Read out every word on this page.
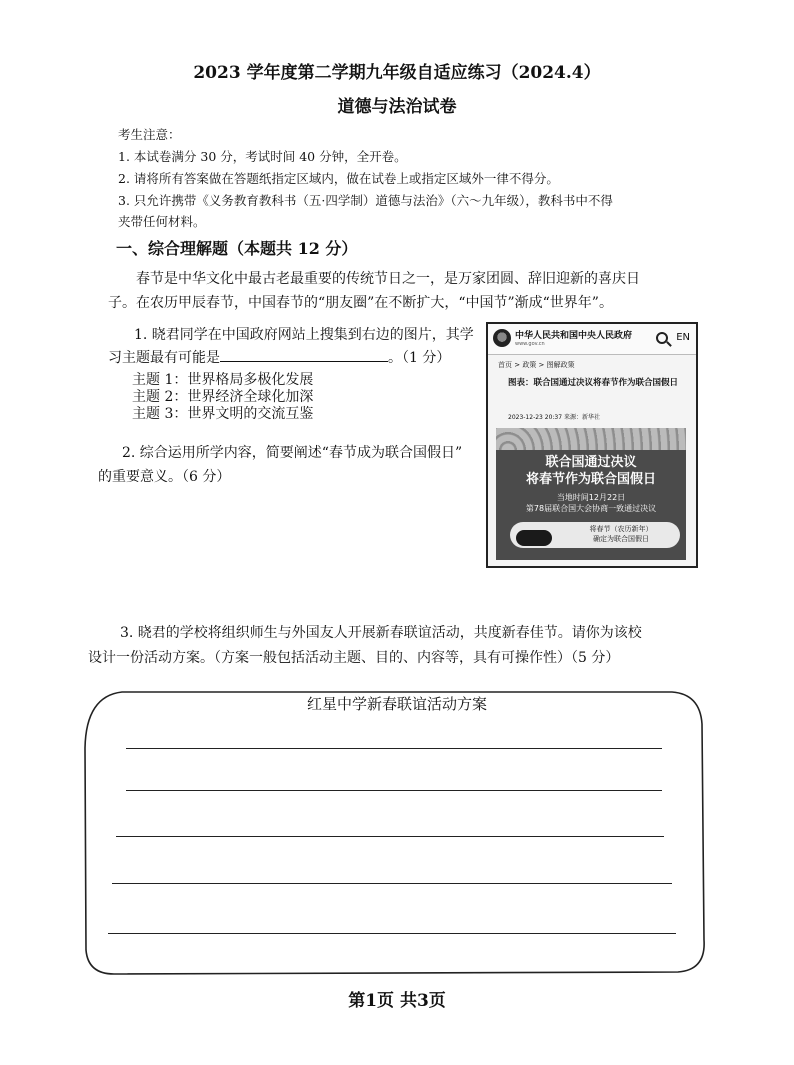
2023 学年度第二学期九年级自适应练习（2024.4）
道德与法治试卷
考生注意：
1. 本试卷满分 30 分，考试时间 40 分钟，全开卷。
2. 请将所有答案做在答题纸指定区域内，做在试卷上或指定区域外一律不得分。
3. 只允许携带《义务教育教科书（五·四学制）道德与法治》（六～九年级），教科书中不得
夹带任何材料。
一、综合理解题（本题共 12 分）
春节是中华文化中最古老最重要的传统节日之一，是万家团圆、辞旧迎新的喜庆日
子。在农历甲辰春节，中国春节的“朋友圈”在不断扩大，“中国节”渐成“世界年”。
1. 晓君同学在中国政府网站上搜集到右边的图片，其学
习主题最有可能是	。（1 分）
主题 1：世界格局多极化发展
主题 2：世界经济全球化加深
主题 3：世界文明的交流互鉴
2. 综合运用所学内容，简要阐述“春节成为联合国假日”
的重要意义。（6 分）
中华人民共和国中央人民政府
www.gov.cn
EN
首页 > 政策 > 图解政策
图表：联合国通过决议将春节作为联合国假日
2023-12-23 20:37 来源：新华社
联合国通过决议
将春节作为联合国假日
当地时间12月22日
第78届联合国大会协商一致通过决议
将春节（农历新年）
确定为联合国假日
3. 晓君的学校将组织师生与外国友人开展新春联谊活动，共度新春佳节。请你为该校
设计一份活动方案。（方案一般包括活动主题、目的、内容等，具有可操作性）（5 分）
红星中学新春联谊活动方案
第1页 共3页
